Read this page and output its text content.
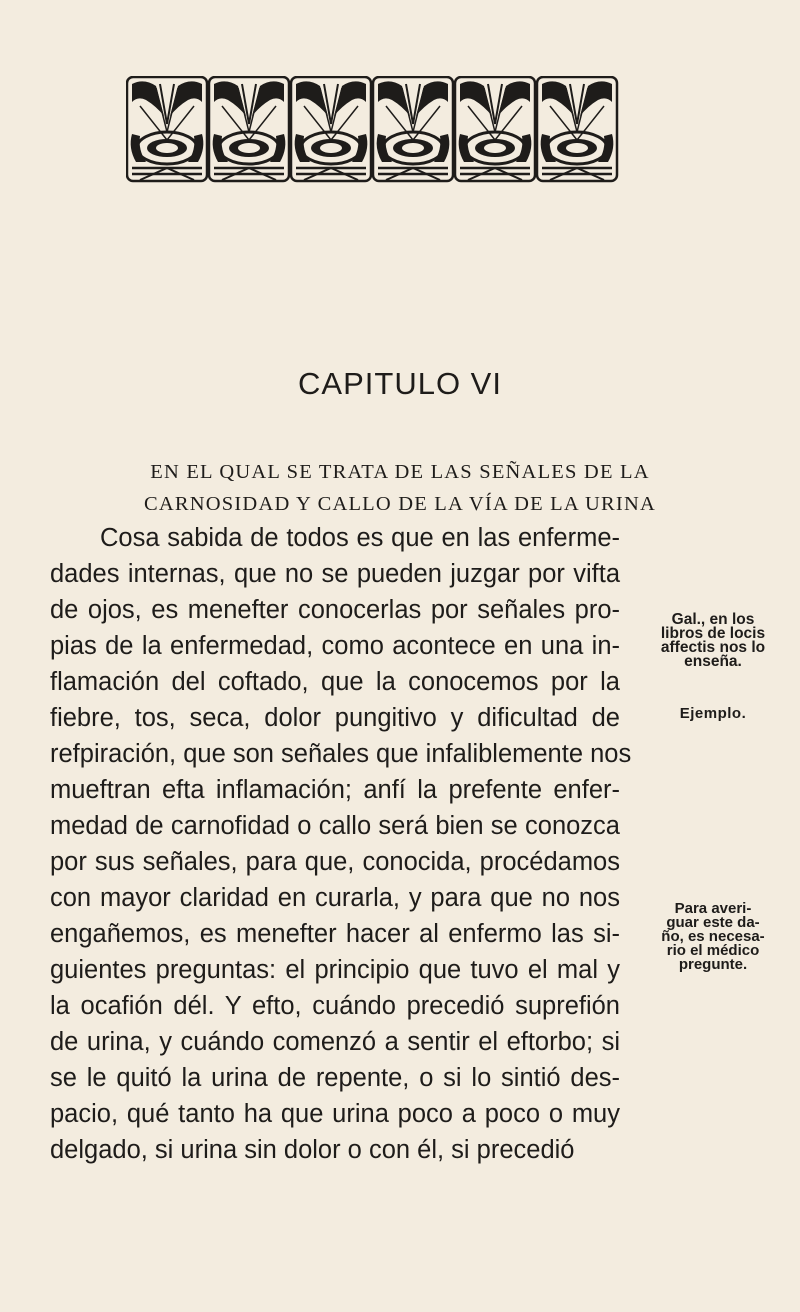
CAPITULO VI
EN EL QUAL SE TRATA DE LAS SEÑALES DE LA
CARNOSIDAD Y CALLO DE LA VÍA DE LA URINA
Cosa sabida de todos es que en las enferme-
dades internas, que no se pueden juzgar por vifta
de ojos, es menefter conocerlas por señales pro-
pias de la enfermedad, como acontece en una in-
flamación del coftado, que la conocemos por la
fiebre, tos, seca, dolor pungitivo y dificultad de
refpiración, que son señales que infaliblemente nos
mueftran efta inflamación; anfí la prefente enfer-
medad de carnofidad o callo será bien se conozca
por sus señales, para que, conocida, procédamos
con mayor claridad en curarla, y para que no nos
engañemos, es menefter hacer al enfermo las si-
guientes preguntas: el principio que tuvo el mal y
la ocafión dél. Y efto, cuándo precedió suprefión
de urina, y cuándo comenzó a sentir el eftorbo; si
se le quitó la urina de repente, o si lo sintió des-
pacio, qué tanto ha que urina poco a poco o muy
delgado, si urina sin dolor o con él, si precedió
Gal., en los
libros de locis
affectis nos lo
enseña.
Ejemplo.
Para averi-
guar este da-
ño, es necesa-
rio el médico
pregunte.
